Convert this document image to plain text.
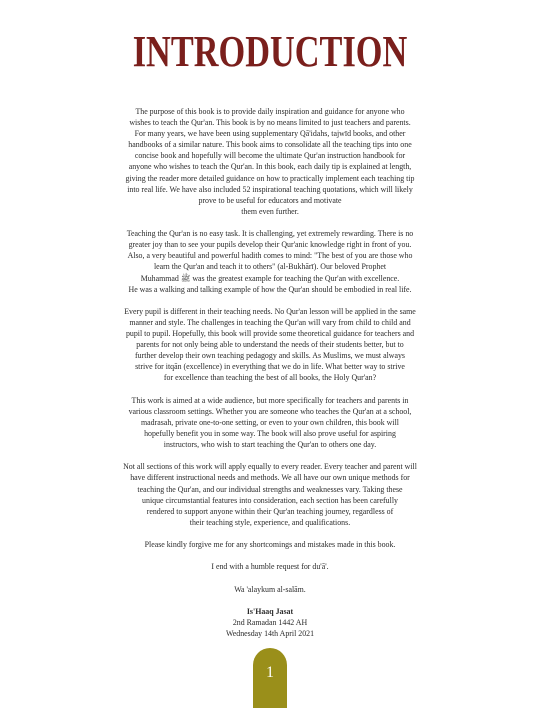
INTRODUCTION
The purpose of this book is to provide daily inspiration and guidance for anyone who
wishes to teach the Qur'an. This book is by no means limited to just teachers and parents.
For many years, we have been using supplementary Qā'idahs, tajwīd books, and other
handbooks of a similar nature. This book aims to consolidate all the teaching tips into one
concise book and hopefully will become the ultimate Qur'an instruction handbook for
anyone who wishes to teach the Qur'an. In this book, each daily tip is explained at length,
giving the reader more detailed guidance on how to practically implement each teaching tip
into real life. We have also included 52 inspirational teaching quotations, which will likely
prove to be useful for educators and motivate
them even further.
Teaching the Qur'an is no easy task. It is challenging, yet extremely rewarding. There is no
greater joy than to see your pupils develop their Qur'anic knowledge right in front of you.
Also, a very beautiful and powerful hadith comes to mind: "The best of you are those who
learn the Qur'an and teach it to others" (al-Bukhārī). Our beloved Prophet
Muhammad ﷺ was the greatest example for teaching the Qur'an with excellence.
He was a walking and talking example of how the Qur'an should be embodied in real life.
Every pupil is different in their teaching needs. No Qur'an lesson will be applied in the same
manner and style. The challenges in teaching the Qur'an will vary from child to child and
pupil to pupil. Hopefully, this book will provide some theoretical guidance for teachers and
parents for not only being able to understand the needs of their students better, but to
further develop their own teaching pedagogy and skills. As Muslims, we must always
strive for itqān (excellence) in everything that we do in life. What better way to strive
for excellence than teaching the best of all books, the Holy Qur'an?
This work is aimed at a wide audience, but more specifically for teachers and parents in
various classroom settings. Whether you are someone who teaches the Qur'an at a school,
madrasah, private one-to-one setting, or even to your own children, this book will
hopefully benefit you in some way. The book will also prove useful for aspiring
instructors, who wish to start teaching the Qur'an to others one day.
Not all sections of this work will apply equally to every reader. Every teacher and parent will
have different instructional needs and methods. We all have our own unique methods for
teaching the Qur'an, and our individual strengths and weaknesses vary. Taking these
unique circumstantial features into consideration, each section has been carefully
rendered to support anyone within their Qur'an teaching journey, regardless of
their teaching style, experience, and qualifications.
Please kindly forgive me for any shortcomings and mistakes made in this book.
I end with a humble request for du'ā'.
Wa 'alaykum al-salām.
Is'Haaq Jasat
2nd Ramadan 1442 AH
Wednesday 14th April 2021
1
